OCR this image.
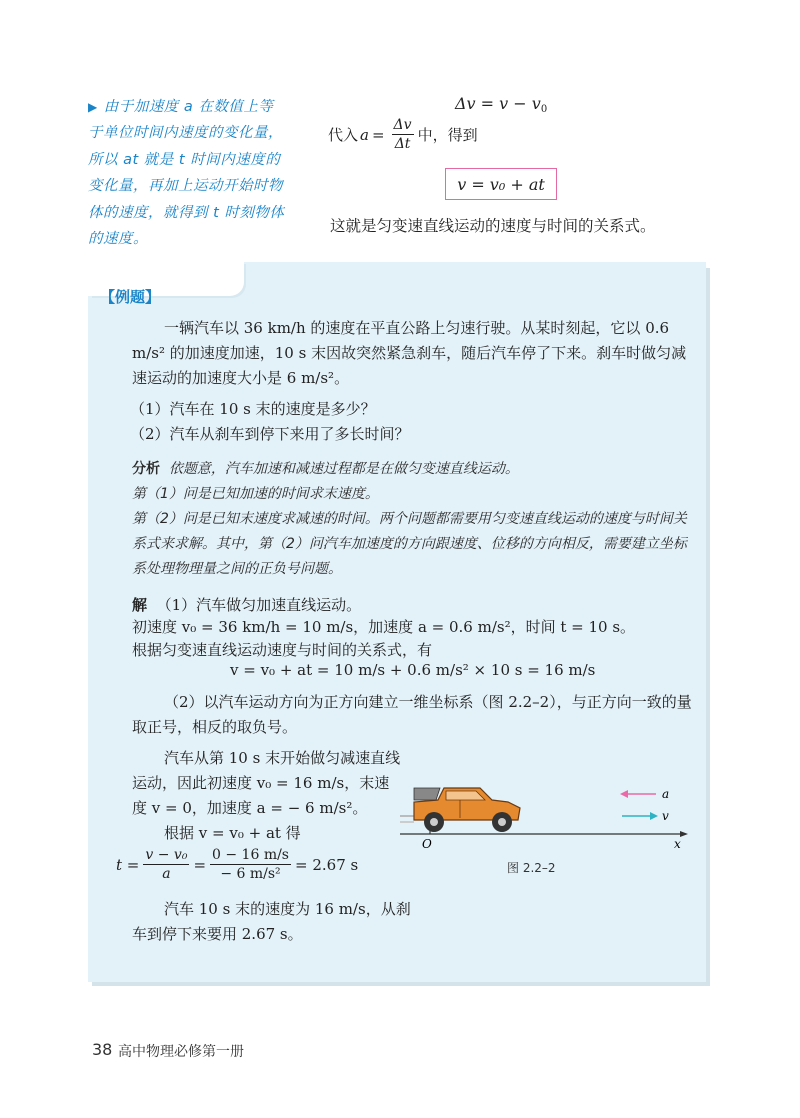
▶ 由于加速度 a 在数值上等于单位时间内速度的变化量，所以 at 就是 t 时间内速度的变化量，再加上运动开始时物体的速度，就得到 t 时刻物体的速度。
$\Delta v = v - v_0$
代入 $a = \frac{\Delta v}{\Delta t}$ 中，得到
v = v₀ + at
这就是匀变速直线运动的速度与时间的关系式。
【例题】
一辆汽车以 36 km/h 的速度在平直公路上匀速行驶。从某时刻起，它以 0.6 m/s² 的加速度加速，10 s 末因故突然紧急刹车，随后汽车停了下来。刹车时做匀减速运动的加速度大小是 6 m/s²。
（1）汽车在 10 s 末的速度是多少？
（2）汽车从刹车到停下来用了多长时间？
分析 依题意，汽车加速和减速过程都是在做匀变速直线运动。
第（1）问是已知加速的时间求末速度。
第（2）问是已知末速度求减速的时间。两个问题都需要用匀变速直线运动的速度与时间关系式来求解。其中，第（2）问汽车加速度的方向跟速度、位移的方向相反，需要建立坐标系处理物理量之间的正负号问题。
解 （1）汽车做匀加速直线运动。
初速度 v₀ = 36 km/h = 10 m/s，加速度 a = 0.6 m/s²，时间 t = 10 s。
根据匀变速直线运动速度与时间的关系式，有
v = v₀ + at = 10 m/s + 0.6 m/s² × 10 s = 16 m/s
（2）以汽车运动方向为正方向建立一维坐标系（图 2.2–2），与正方向一致的量取正号，相反的取负号。
汽车从第 10 s 末开始做匀减速直线运动，因此初速度 v₀ = 16 m/s，末速度 v = 0，加速度 a = − 6 m/s²。
根据 v = v₀ + at 得
$t = \frac{\text{v − v₀}}{a} = \frac{0 - 16 m/s}{\text{− 6 m/s²}} = 2.67$ s
汽车 10 s 末的速度为 16 m/s，从刹车到停下来要用 2.67 s。
a
v
O	x
图 2.2–2
38 高中物理必修第一册
